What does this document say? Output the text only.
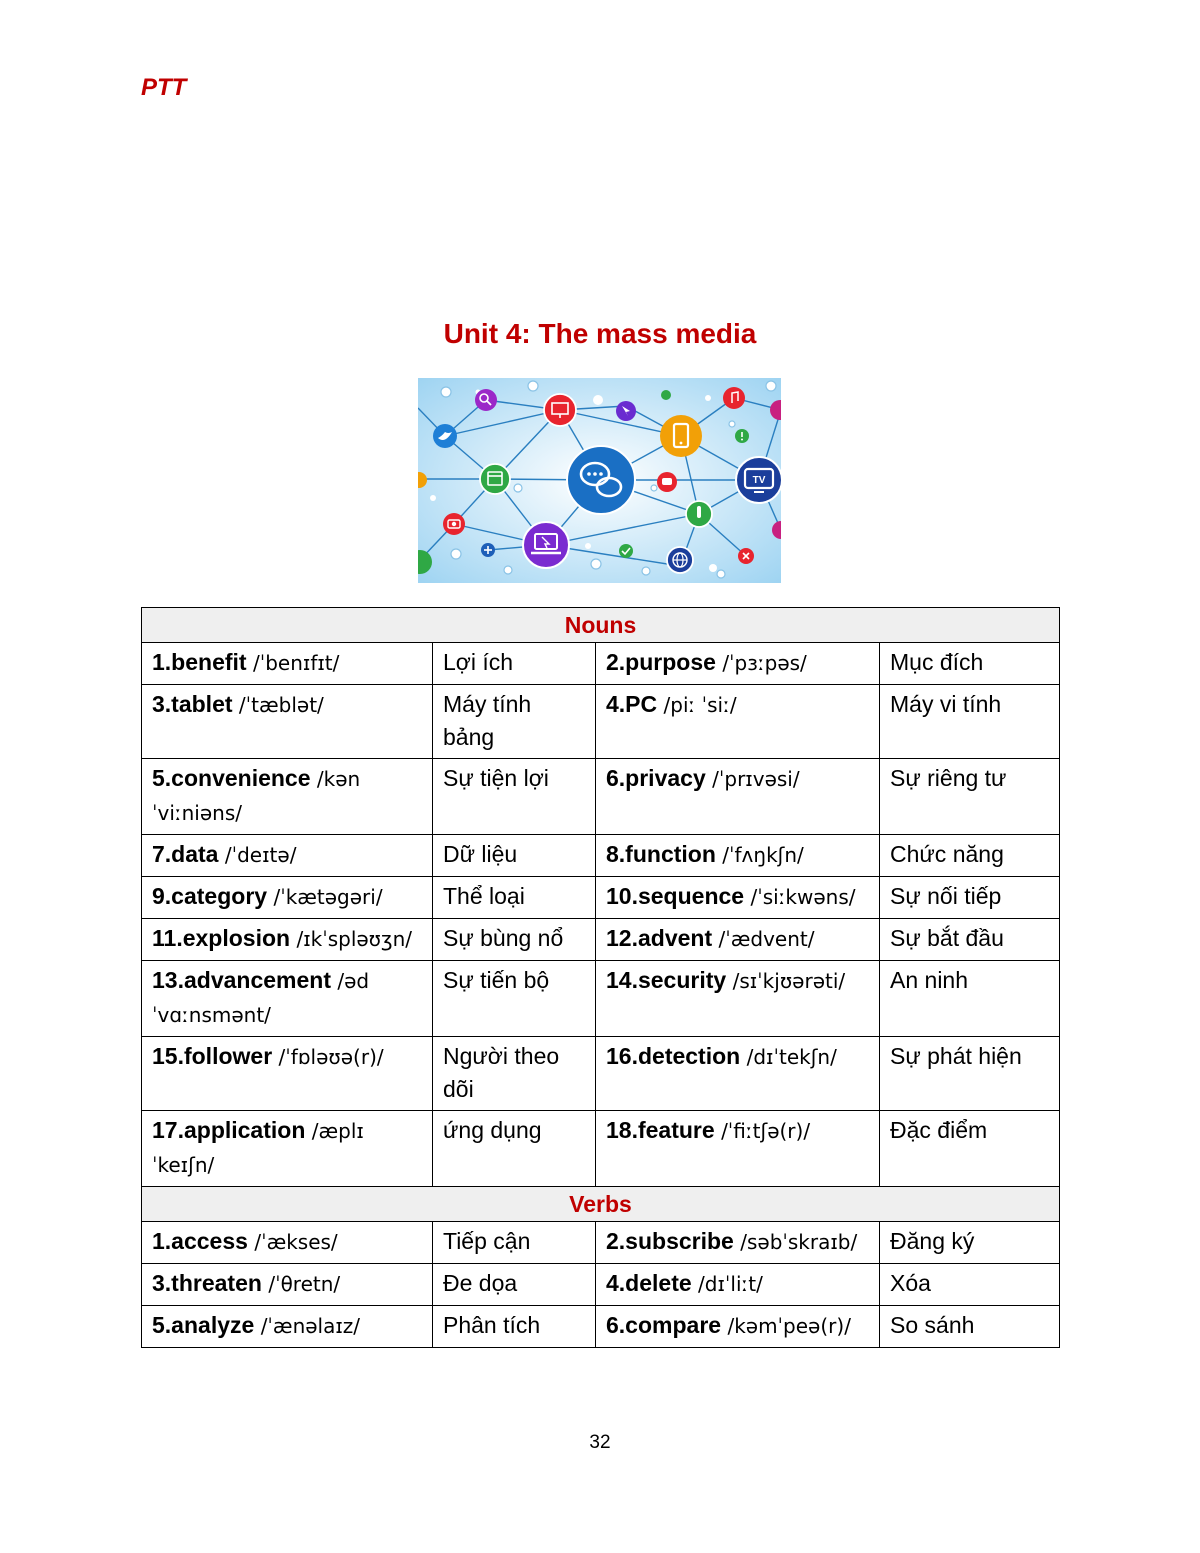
PTT
Unit 4: The mass media
TV
Nouns			
1.benefit /ˈbenɪfɪt/	Lợi ích	2.purpose /ˈpɜːpəs/	Mục đích
3.tablet /ˈtæblət/	Máy tính bảng	4.PC /piː ˈsiː/	Máy vi tính
5.convenience /kənˈviːniəns/	Sự tiện lợi	6.privacy /ˈprɪvəsi/	Sự riêng tư
7.data /ˈdeɪtə/	Dữ liệu	8.function /ˈfʌŋkʃn/	Chức năng
9.category /ˈkætəgəri/	Thể loại	10.sequence /ˈsiːkwəns/	Sự nối tiếp
11.explosion /ɪkˈspləʊʒn/	Sự bùng nổ	12.advent /ˈædvent/	Sự bắt đầu
13.advancement /ədˈvɑːnsmənt/	Sự tiến bộ	14.security /sɪˈkjʊərəti/	An ninh
15.follower /ˈfɒləʊə(r)/	Người theo dõi	16.detection /dɪˈtekʃn/	Sự phát hiện
17.application /æplɪˈkeɪʃn/	ứng dụng	18.feature /ˈfiːtʃə(r)/	Đặc điểm
Verbs			
1.access /ˈækses/	Tiếp cận	2.subscribe /səbˈskraɪb/	Đăng ký
3.threaten /ˈθretn/	Đe dọa	4.delete /dɪˈliːt/	Xóa
5.analyze /ˈænəlaɪz/	Phân tích	6.compare /kəmˈpeə(r)/	So sánh
32
